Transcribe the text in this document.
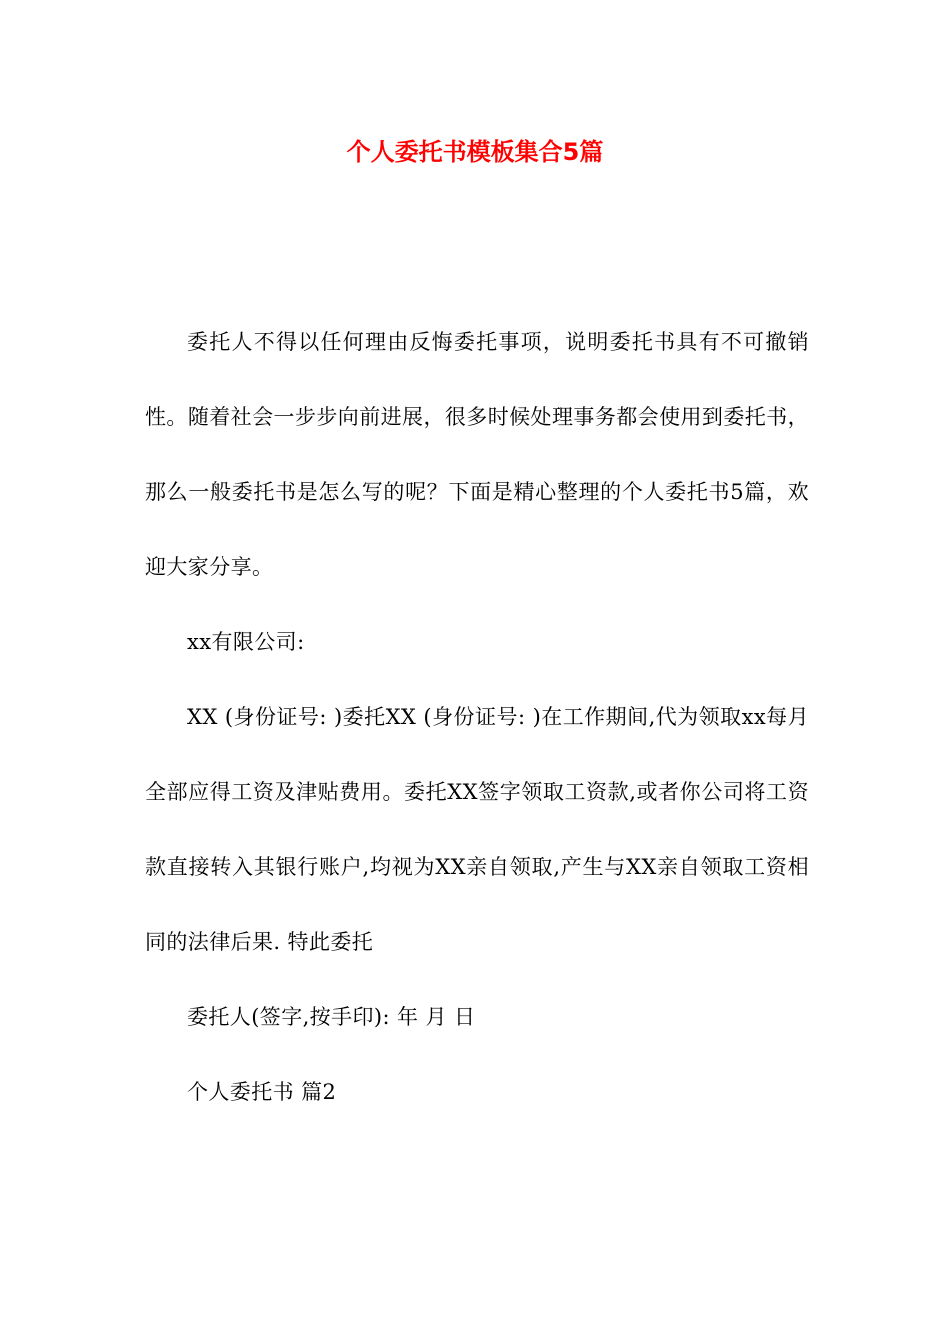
个人委托书模板集合5篇

委托人不得以任何理由反悔委托事项，说明委托书具有不可撤销性。随着社会一步步向前进展，很多时候处理事务都会使用到委托书，那么一般委托书是怎么写的呢？下面是精心整理的个人委托书5篇，欢迎大家分享。

xx有限公司:

XX (身份证号: )委托XX (身份证号: )在工作期间,代为领取xx每月全部应得工资及津贴费用。委托XX签字领取工资款,或者你公司将工资款直接转入其银行账户,均视为XX亲自领取,产生与XX亲自领取工资相同的法律后果. 特此委托

委托人(签字,按手印): 年 月 日

个人委托书 篇2
